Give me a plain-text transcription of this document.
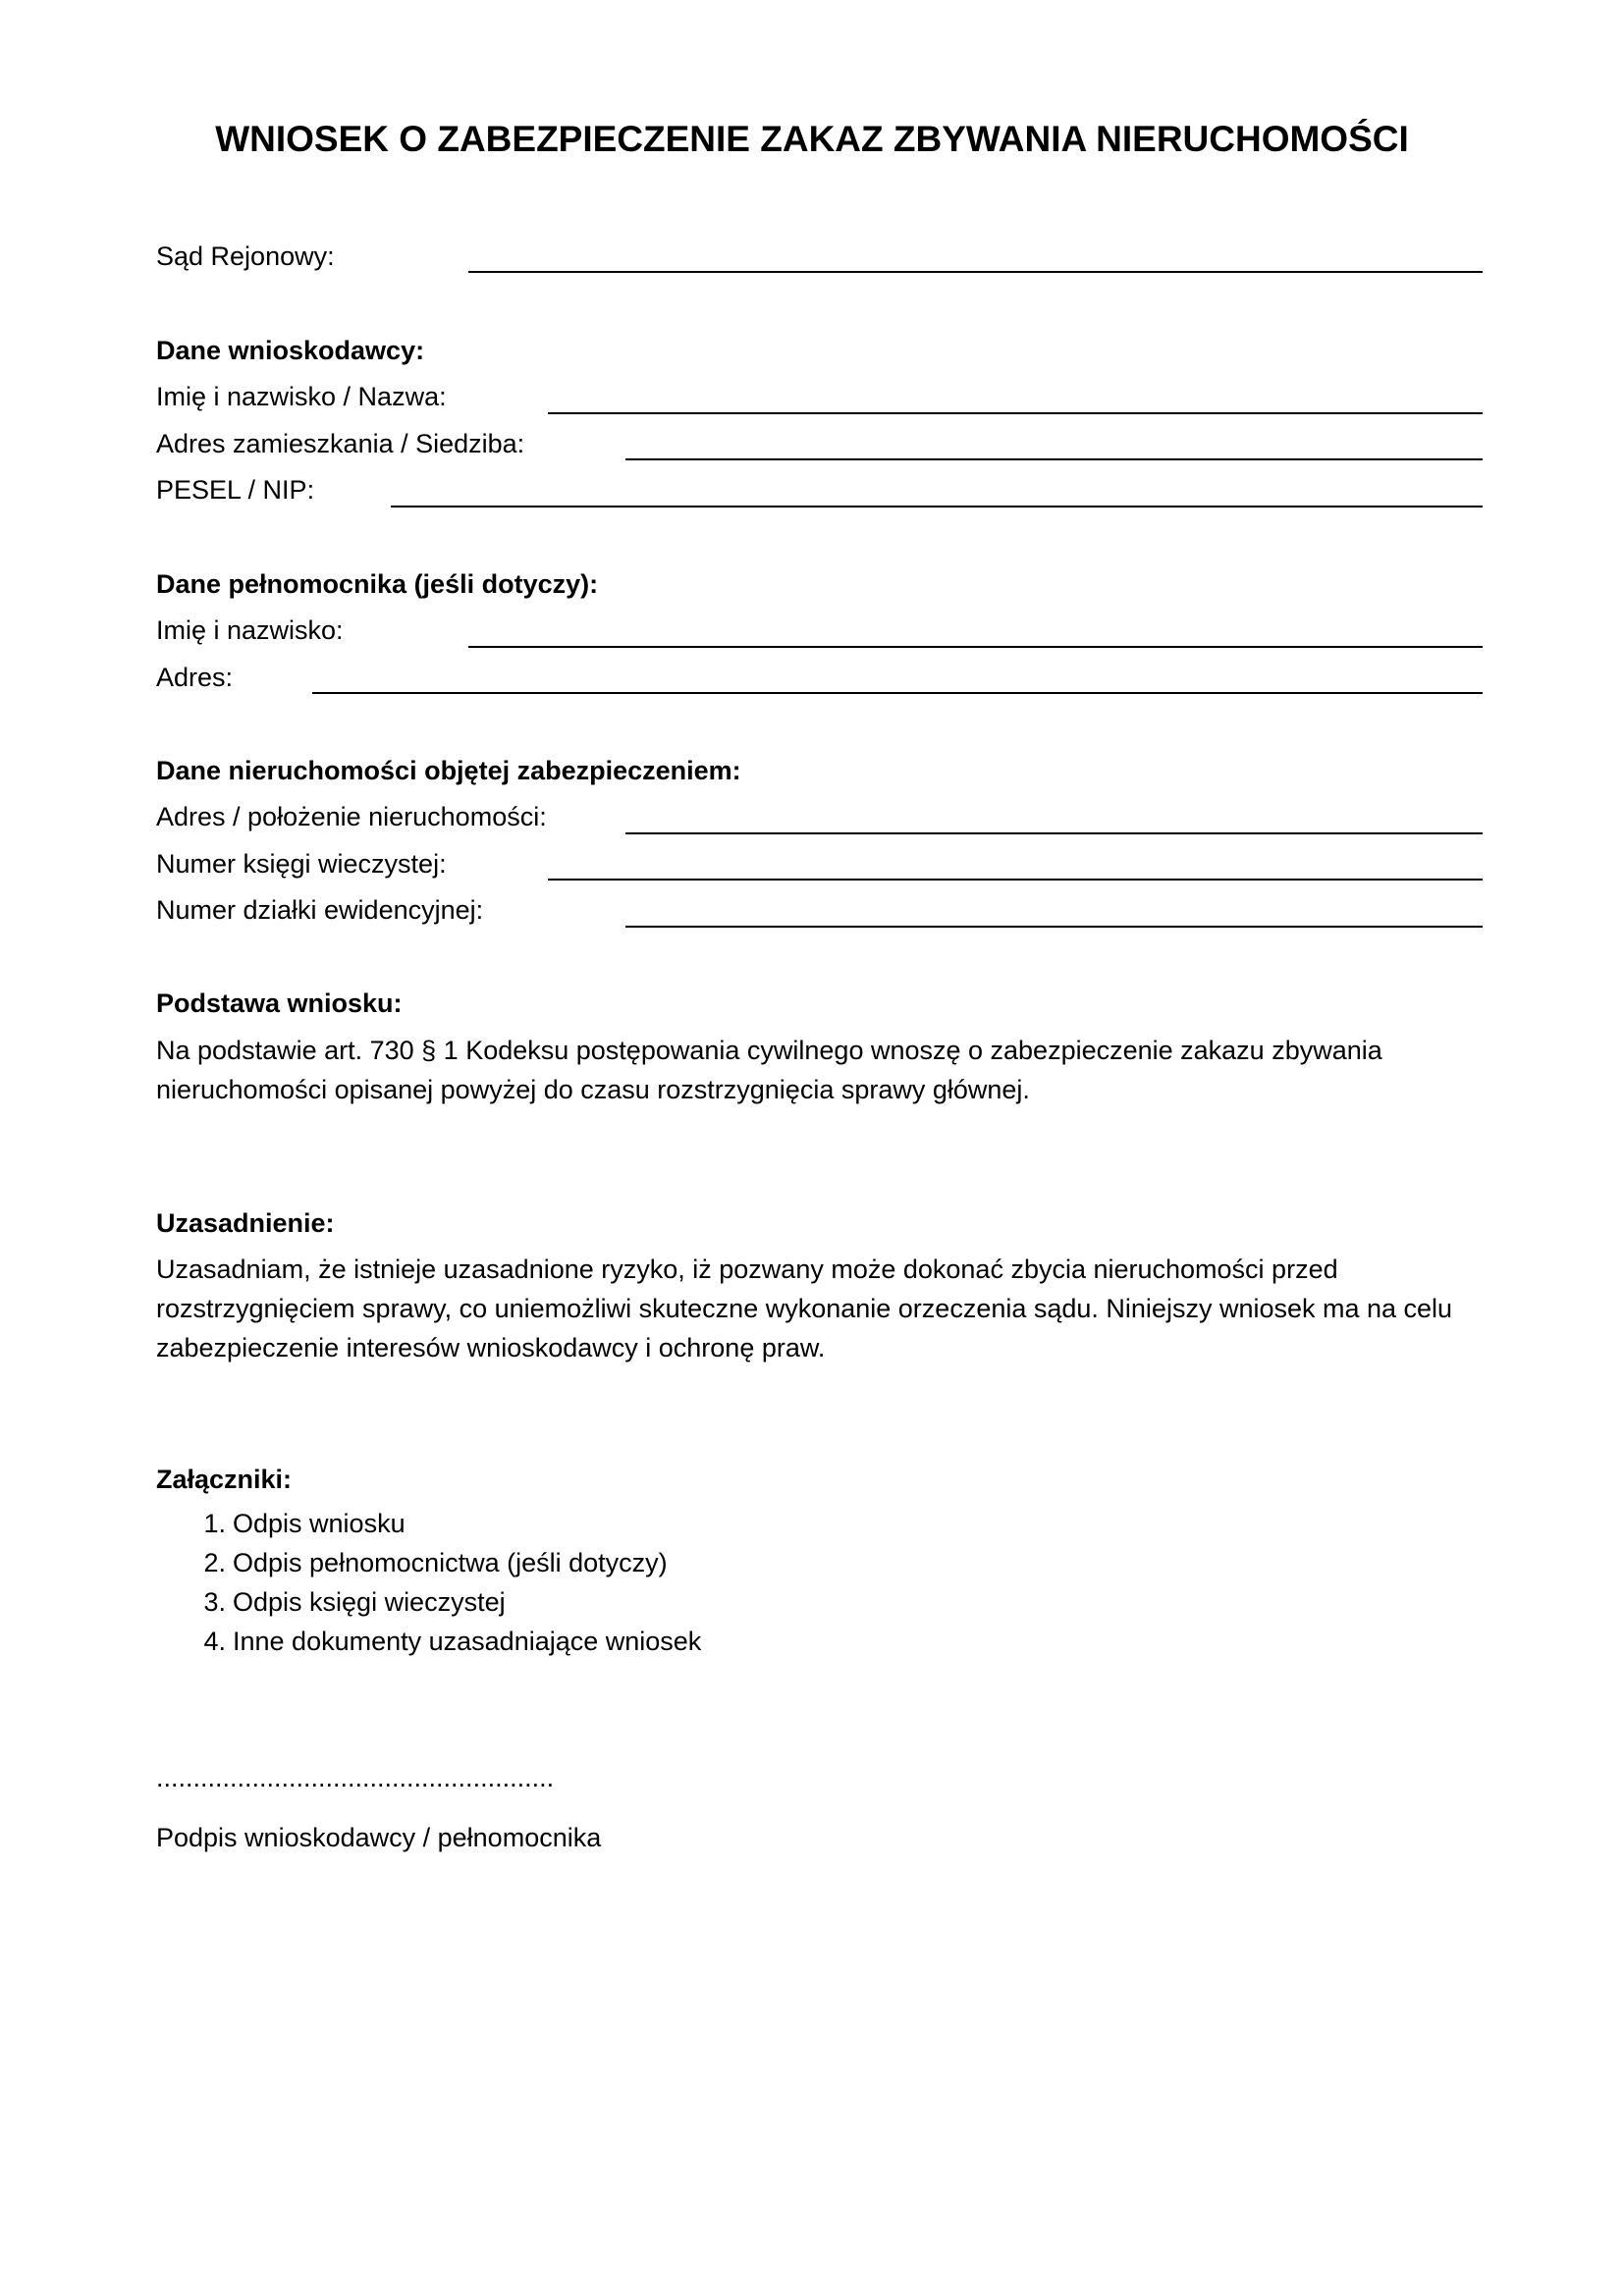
WNIOSEK O ZABEZPIECZENIE ZAKAZ ZBYWANIA NIERUCHOMOŚCI
Sąd Rejonowy:
Dane wnioskodawcy:
Imię i nazwisko / Nazwa:
Adres zamieszkania / Siedziba:
PESEL / NIP:
Dane pełnomocnika (jeśli dotyczy):
Imię i nazwisko:
Adres:
Dane nieruchomości objętej zabezpieczeniem:
Adres / położenie nieruchomości:
Numer księgi wieczystej:
Numer działki ewidencyjnej:
Podstawa wniosku:

Na podstawie art. 730 § 1 Kodeksu postępowania cywilnego wnoszę o zabezpieczenie zakazu zbywania nieruchomości opisanej powyżej do czasu rozstrzygnięcia sprawy głównej.

Uzasadnienie:

Uzasadniam, że istnieje uzasadnione ryzyko, iż pozwany może dokonać zbycia nieruchomości przed rozstrzygnięciem sprawy, co uniemożliwi skuteczne wykonanie orzeczenia sądu. Niniejszy wniosek ma na celu zabezpieczenie interesów wnioskodawcy i ochronę praw.

Załączniki:
1. Odpis wniosku
2. Odpis pełnomocnictwa (jeśli dotyczy)
3. Odpis księgi wieczystej
4. Inne dokumenty uzasadniające wniosek
......................................................
Podpis wnioskodawcy / pełnomocnika
